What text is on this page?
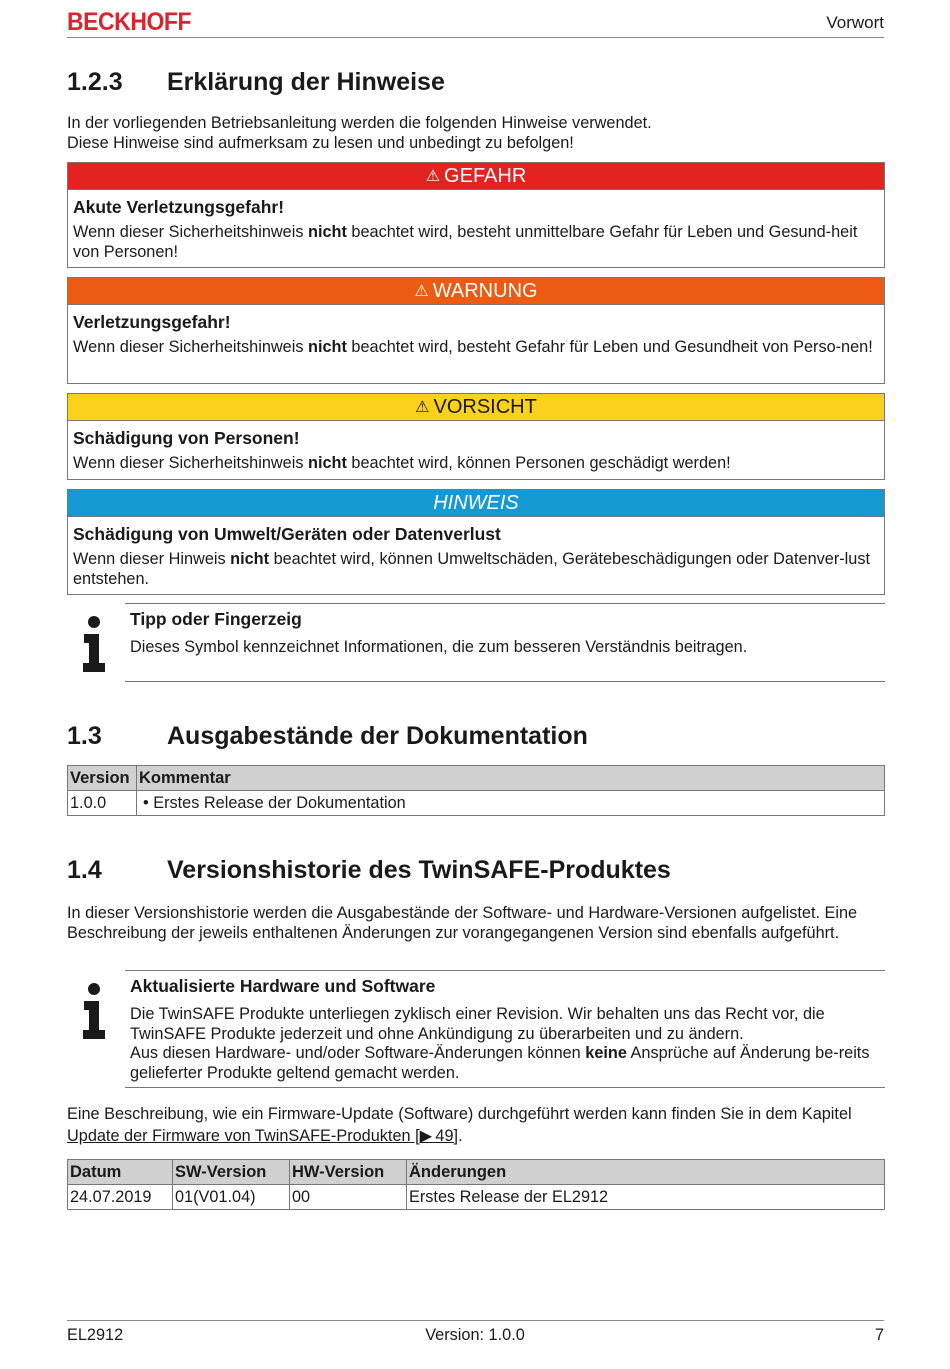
BECKHOFF	Vorwort
1.2.3 Erklärung der Hinweise

In der vorliegenden Betriebsanleitung werden die folgenden Hinweise verwendet.
Diese Hinweise sind aufmerksam zu lesen und unbedingt zu befolgen!

⚠ GEFAHR
Akute Verletzungsgefahr!
Wenn dieser Sicherheitshinweis nicht beachtet wird, besteht unmittelbare Gefahr für Leben und Gesund-heit von Personen!
⚠ WARNUNG
Verletzungsgefahr!
Wenn dieser Sicherheitshinweis nicht beachtet wird, besteht Gefahr für Leben und Gesundheit von Perso-nen!
⚠ VORSICHT
Schädigung von Personen!
Wenn dieser Sicherheitshinweis nicht beachtet wird, können Personen geschädigt werden!
HINWEIS
Schädigung von Umwelt/Geräten oder Datenverlust
Wenn dieser Hinweis nicht beachtet wird, können Umweltschäden, Gerätebeschädigungen oder Datenver-lust entstehen.
Tipp oder Fingerzeig
Dieses Symbol kennzeichnet Informationen, die zum besseren Verständnis beitragen.
1.3	Ausgabestände der Dokumentation
Version	Kommentar
1.0.0	• Erstes Release der Dokumentation
1.4	Versionshistorie des TwinSAFE-Produktes

In dieser Versionshistorie werden die Ausgabestände der Software- und Hardware-Versionen aufgelistet. Eine Beschreibung der jeweils enthaltenen Änderungen zur vorangegangenen Version sind ebenfalls aufgeführt.

Aktualisierte Hardware und Software
Die TwinSAFE Produkte unterliegen zyklisch einer Revision. Wir behalten uns das Recht vor, die TwinSAFE Produkte jederzeit und ohne Ankündigung zu überarbeiten und zu ändern.
Aus diesen Hardware- und/oder Software-Änderungen können keine Ansprüche auf Änderung be-reits gelieferter Produkte geltend gemacht werden.

Eine Beschreibung, wie ein Firmware-Update (Software) durchgeführt werden kann finden Sie in dem Kapitel Update der Firmware von TwinSAFE-Produkten [▶  49].

Datum	SW-Version	HW-Version	Änderungen
24.07.2019	01(V01.04)	00	Erstes Release der EL2912
EL2912	Version: 1.0.0	7
